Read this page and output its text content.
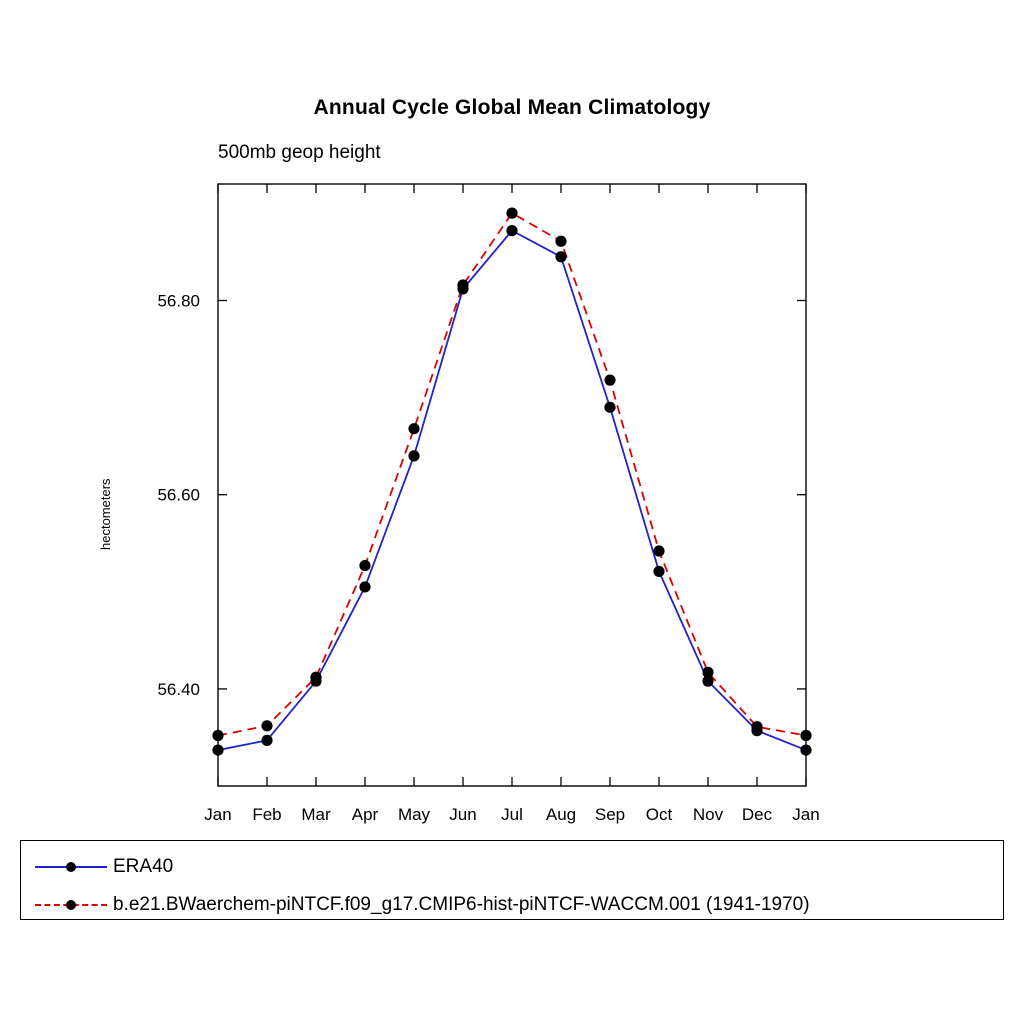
Annual Cycle Global Mean Climatology
500mb geop height
hectometers
Jan Feb Mar Apr May Jun Jul Aug Sep Oct Nov Dec Jan
56.40
56.60
56.80
ERA40
b.e21.BWaerchem-piNTCF.f09_g17.CMIP6-hist-piNTCF-WACCM.001 (1941-1970)
